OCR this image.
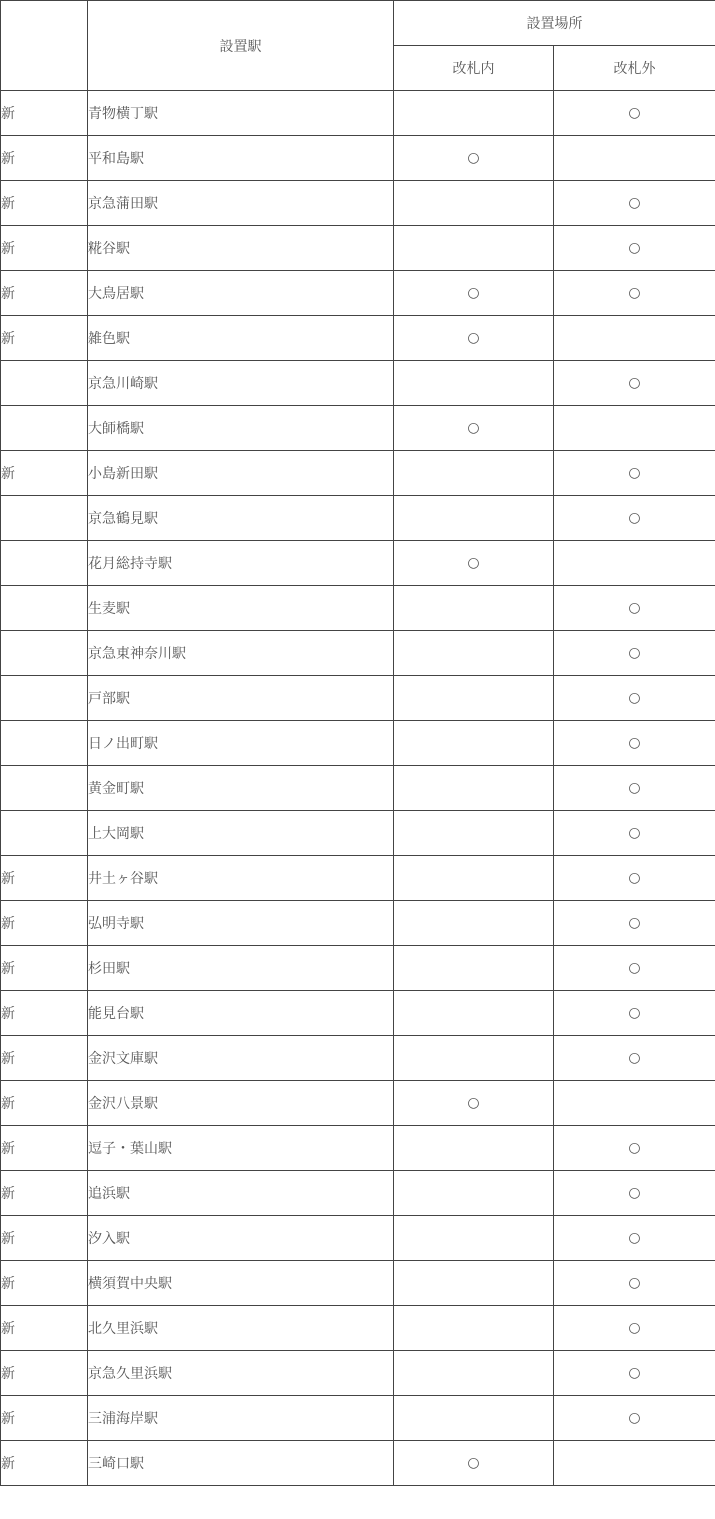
	設置駅	設置場所	
		改札内	改札外
新	青物横丁駅		○
新	平和島駅	○	
新	京急蒲田駅		○
新	糀谷駅		○
新	大鳥居駅	○	○
新	雑色駅	○	
	京急川崎駅		○
	大師橋駅	○	
新	小島新田駅		○
	京急鶴見駅		○
	花月総持寺駅	○	
	生麦駅		○
	京急東神奈川駅		○
	戸部駅		○
	日ノ出町駅		○
	黄金町駅		○
	上大岡駅		○
新	井土ヶ谷駅		○
新	弘明寺駅		○
新	杉田駅		○
新	能見台駅		○
新	金沢文庫駅		○
新	金沢八景駅	○	
新	逗子・葉山駅		○
新	追浜駅		○
新	汐入駅		○
新	横須賀中央駅		○
新	北久里浜駅		○
新	京急久里浜駅		○
新	三浦海岸駅		○
新	三崎口駅	○	
